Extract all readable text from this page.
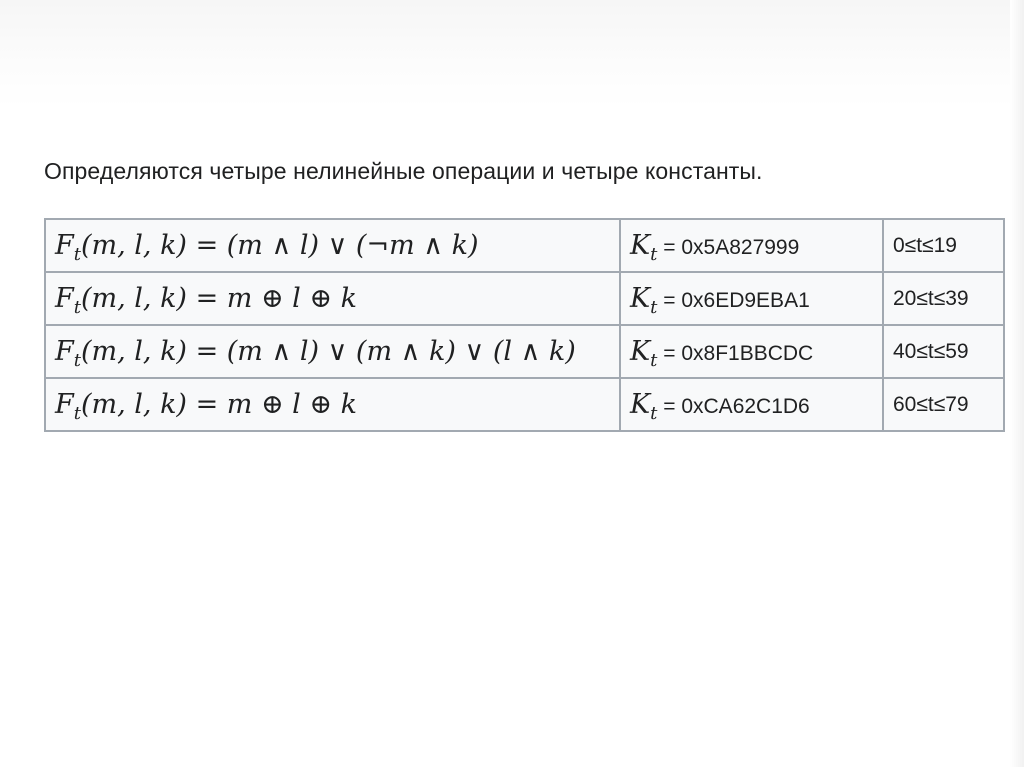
Определяются четыре нелинейные операции и четыре константы.
$F_t(m$, l, k) = (m ∧ l) ∨ (¬m ∧ k)	$K_t = 0x5A827999$	0≤t≤19
$F_t(m$, l, k) = m ⊕ l ⊕ k	$K_t = 0x6ED9EBA1$	20≤t≤39
$F_t(m$, l, k) = (m ∧ l) ∨ (m ∧ k) ∨ (l ∧ k)	$K_t$ = 0x8F1BBCDC	40≤t≤59
$F_t(m$, l, k) = m ⊕ l ⊕ k	$K_t = 0xCA62C1D6$	60≤t≤79
